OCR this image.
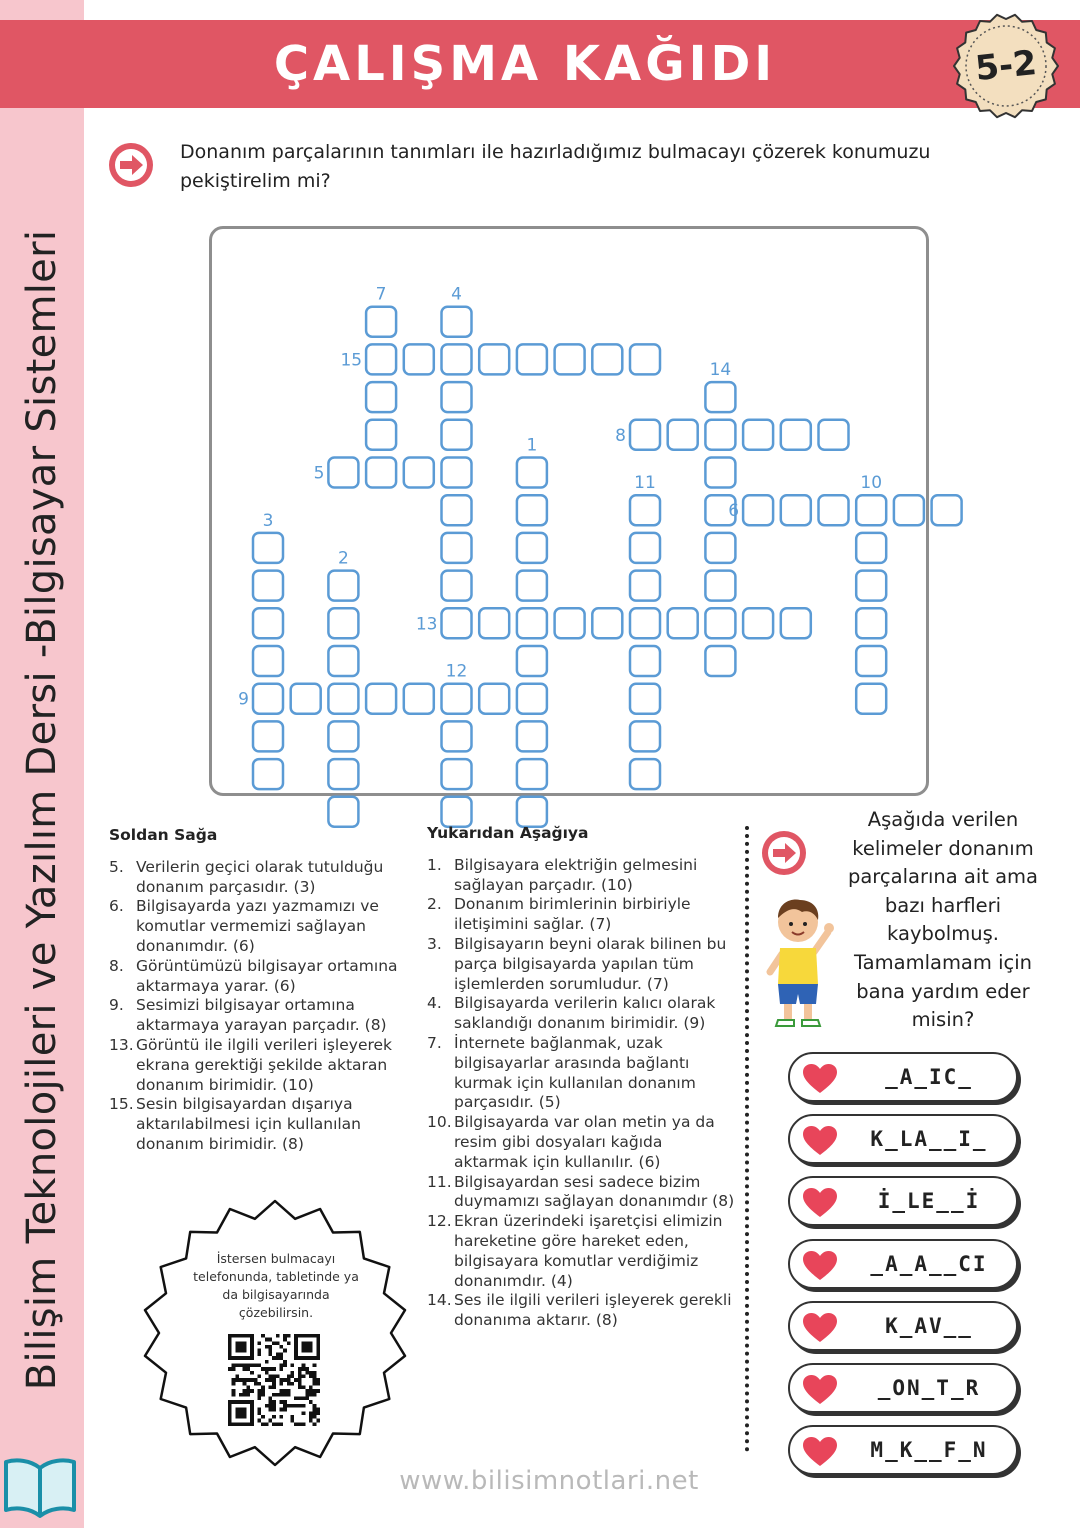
Bilişim Teknolojileri ve Yazılım Dersi -Bilgisayar Sistemleri
ÇALIŞMA KAĞIDI	5-2
Donanım parçalarının tanımları ile hazırladığımız bulmacayı çözerek konumuzu pekiştirelim mi?
15
8
5
6
13
9
7	4
14
1
11	10
3
2
12
Soldan Sağa
5. Verilerin geçici olarak tutulduğu donanım parçasıdır. (3)
6. Bilgisayarda yazı yazmamızı ve komutlar vermemizi sağlayan donanımdır. (6)
8. Görüntümüzü bilgisayar ortamına aktarmaya yarar. (6)
9. Sesimizi bilgisayar ortamına aktarmaya yarayan parçadır. (8)
13. Görüntü ile ilgili verileri işleyerek ekrana gerektiği şekilde aktaran donanım birimidir. (10)
15. Sesin bilgisayardan dışarıya aktarılabilmesi için kullanılan donanım birimidir. (8)
Yukarıdan Aşağıya
1. Bilgisayara elektriğin gelmesini sağlayan parçadır. (10)
2. Donanım birimlerinin birbiriyle iletişimini sağlar. (7)
3. Bilgisayarın beyni olarak bilinen bu parça bilgisayarda yapılan tüm işlemlerden sorumludur. (7)
4. Bilgisayarda verilerin kalıcı olarak saklandığı donanım birimidir. (9)
7. İnternete bağlanmak, uzak bilgisayarlar arasında bağlantı kurmak için kullanılan donanım parçasıdır. (5)
10. Bilgisayarda var olan metin ya da resim gibi dosyaları kağıda aktarmak için kullanılır. (6)
11. Bilgisayardan sesi sadece bizim duymamızı sağlayan donanımdır (8)
12. Ekran üzerindeki işaretçisi elimizin hareketine göre hareket eden, bilgisayara komutlar verdiğimiz donanımdır. (4)
14. Ses ile ilgili verileri işleyerek gerekli donanıma aktarır. (8)
Aşağıda verilen kelimeler donanım parçalarına ait ama bazı harfleri kaybolmuş. Tamamlamam için bana yardım eder misin?
_A_IC_
K_LA__I_
İ_LE__İ
_A_A__CI
K_AV__
_ON_T_R
M_K__F_N
İstersen bulmacayı telefonunda, tabletinde ya da bilgisayarında çözebilirsin.
www.bilisimnotlari.net
